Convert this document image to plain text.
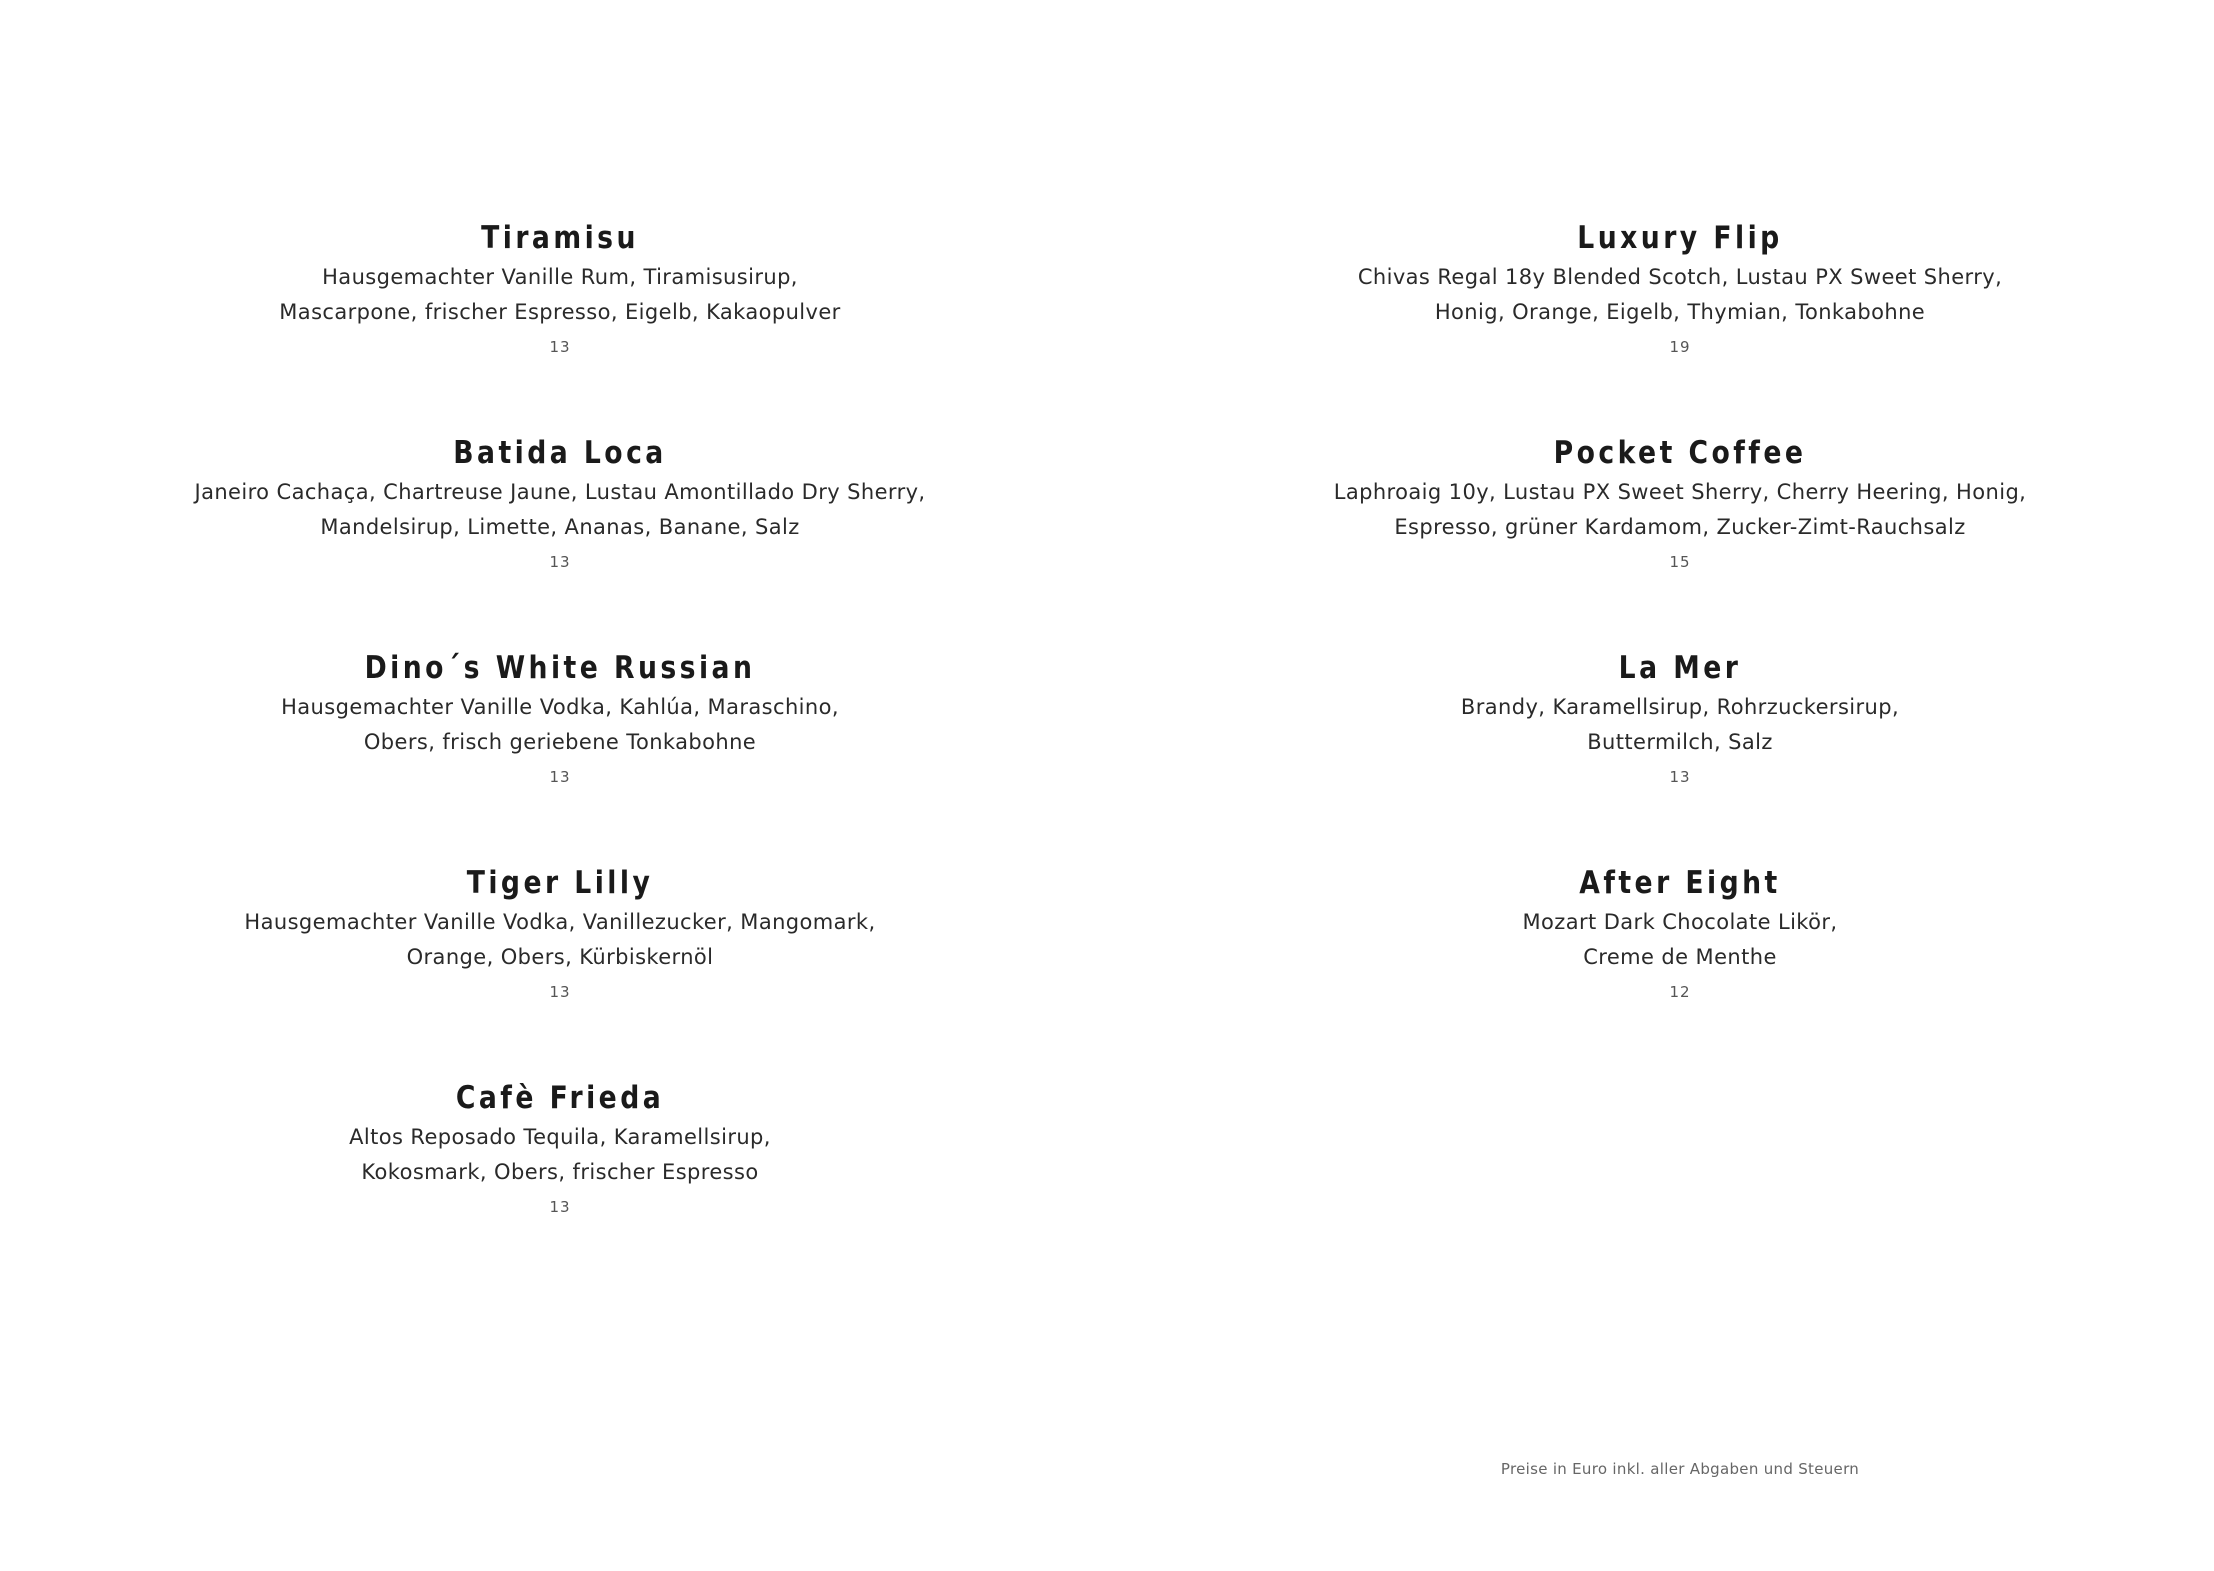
Tiramisu
Hausgemachter Vanille Rum, Tiramisusirup,
Mascarpone, frischer Espresso, Eigelb, Kakaopulver
13
Batida Loca
Janeiro Cachaça, Chartreuse Jaune, Lustau Amontillado Dry Sherry,
Mandelsirup, Limette, Ananas, Banane, Salz
13
Dino´s White Russian
Hausgemachter Vanille Vodka, Kahlúa, Maraschino,
Obers, frisch geriebene Tonkabohne
13
Tiger Lilly
Hausgemachter Vanille Vodka, Vanillezucker, Mangomark,
Orange, Obers, Kürbiskernöl
13
Cafè Frieda
Altos Reposado Tequila, Karamellsirup,
Kokosmark, Obers, frischer Espresso
13
Luxury Flip
Chivas Regal 18y Blended Scotch, Lustau PX Sweet Sherry,
Honig, Orange, Eigelb, Thymian, Tonkabohne
19
Pocket Coffee
Laphroaig 10y, Lustau PX Sweet Sherry, Cherry Heering, Honig,
Espresso, grüner Kardamom, Zucker-Zimt-Rauchsalz
15
La Mer
Brandy, Karamellsirup, Rohrzuckersirup,
Buttermilch, Salz
13
After Eight
Mozart Dark Chocolate Likör,
Creme de Menthe
12
Preise in Euro inkl. aller Abgaben und Steuern
